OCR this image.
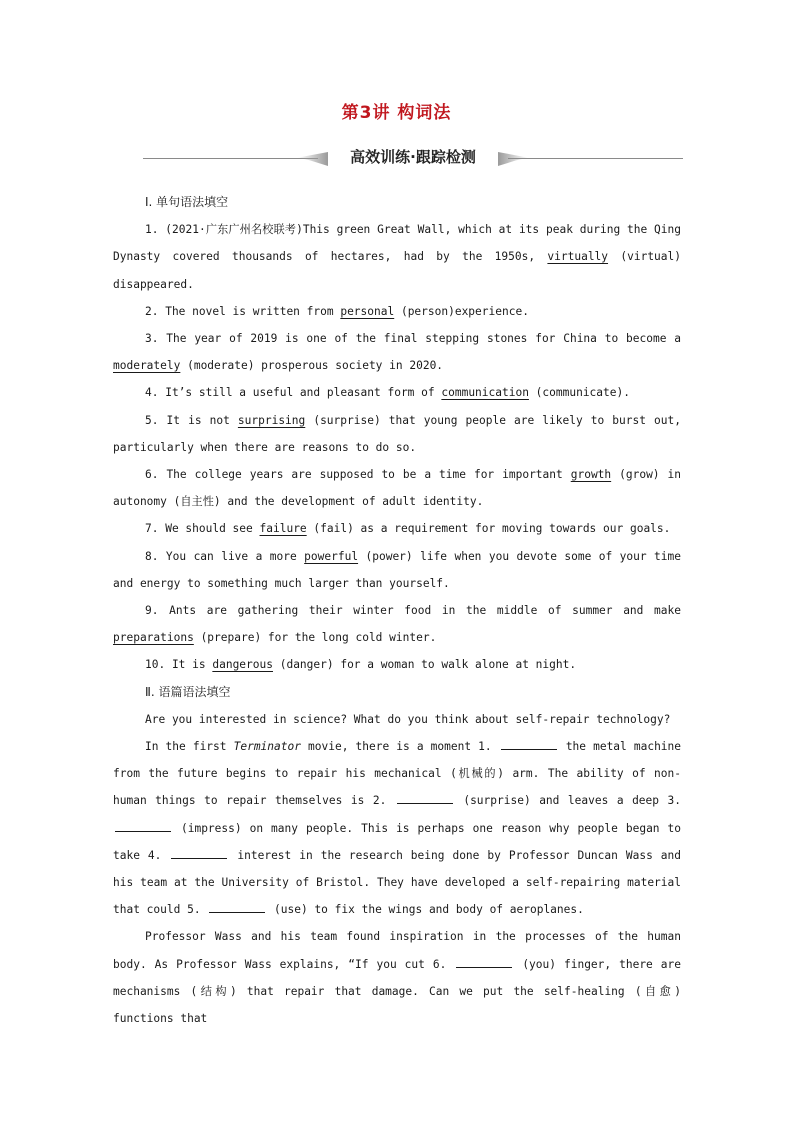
第3讲 构词法
高效训练·跟踪检测

Ⅰ. 单句语法填空

1. (2021·广东广州名校联考)This green Great Wall, which at its peak during the Qing Dynasty covered thousands of hectares, had by the 1950s, virtually (virtual) disappeared.

2. The novel is written from personal (person)experience.

3. The year of 2019 is one of the final stepping stones for China to become a moderately (moderate) prosperous society in 2020.

4. It’s still a useful and pleasant form of communication (communicate).

5. It is not surprising (surprise) that young people are likely to burst out, particularly when there are reasons to do so.

6. The college years are supposed to be a time for important growth (grow) in autonomy (自主性) and the development of adult identity.

7. We should see failure (fail) as a requirement for moving towards our goals.

8. You can live a more powerful (power) life when you devote some of your time and energy to something much larger than yourself.

9. Ants are gathering their winter food in the middle of summer and make preparations (prepare) for the long cold winter.

10. It is dangerous (danger) for a woman to walk alone at night.

Ⅱ. 语篇语法填空

Are you interested in science? What do you think about self-repair technology?

In the first Terminator movie, there is a moment 1.	the metal machine from the future begins to repair his mechanical (机械的) arm. The ability of non-human things to repair themselves is 2.	(surprise) and leaves a deep 3.  (impress) on many people. This is perhaps one reason why people began to take 4.	interest in the research being done by Professor Duncan Wass and his team at the University of Bristol. They have developed a self-repairing material that could 5.	(use) to fix the wings and body of aeroplanes.

Professor Wass and his team found inspiration in the processes of the human body. As Professor Wass explains, “If you cut 6.	(you) finger, there are mechanisms (结构) that repair that damage. Can we put the self-healing (自愈) functions that
